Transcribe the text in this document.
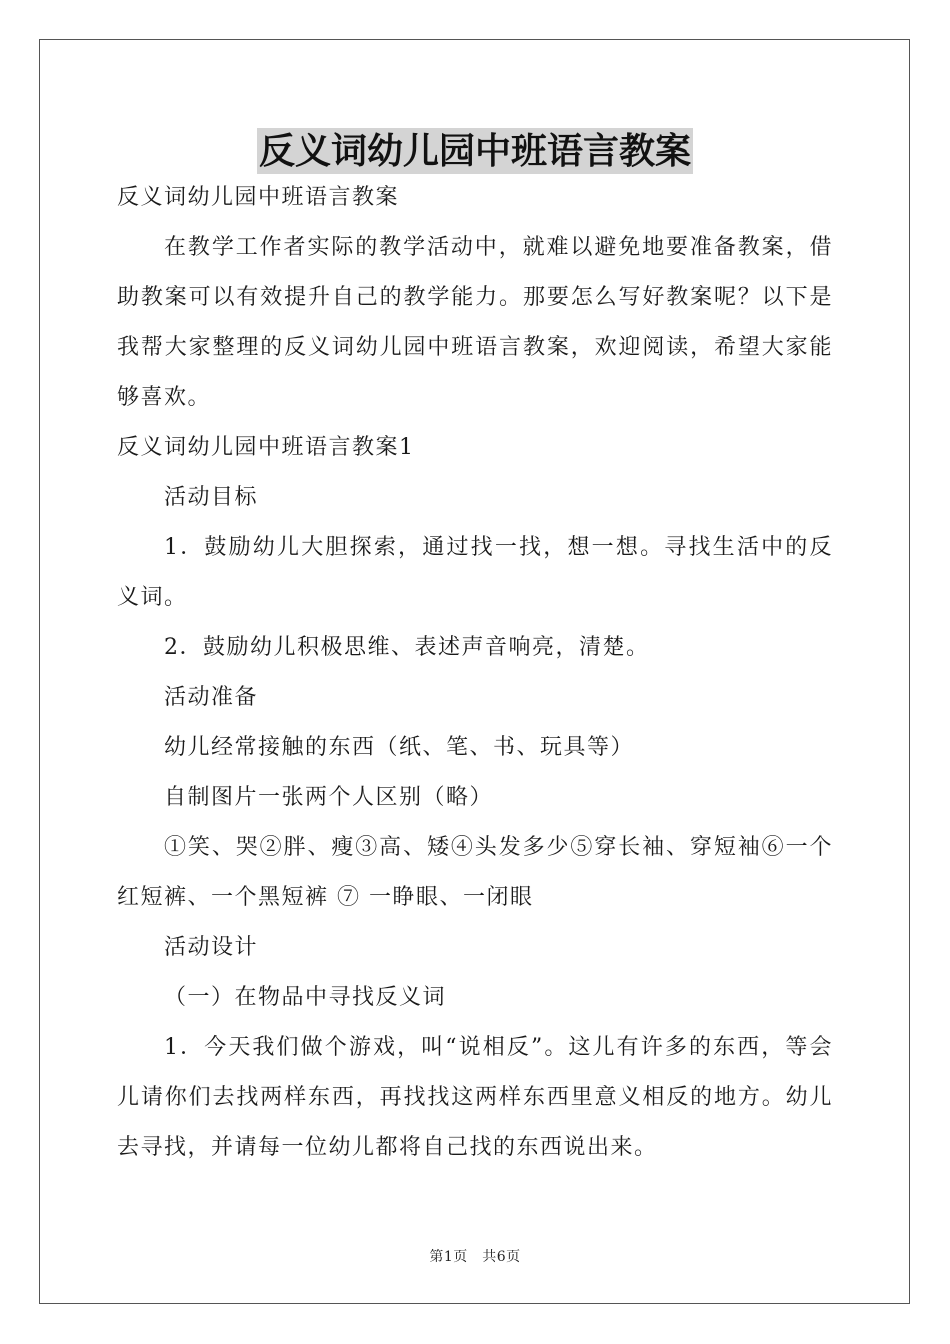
反义词幼儿园中班语言教案

反义词幼儿园中班语言教案

在教学工作者实际的教学活动中，就难以避免地要准备教案，借助教案可以有效提升自己的教学能力。那要怎么写好教案呢？以下是我帮大家整理的反义词幼儿园中班语言教案，欢迎阅读，希望大家能够喜欢。

反义词幼儿园中班语言教案1

活动目标

1．鼓励幼儿大胆探索，通过找一找，想一想。寻找生活中的反义词。

2．鼓励幼儿积极思维、表述声音响亮，清楚。

活动准备

幼儿经常接触的东西（纸、笔、书、玩具等）

自制图片一张两个人区别（略）

①笑、哭②胖、瘦③高、矮④头发多少⑤穿长袖、穿短袖⑥一个红短裤、一个黑短裤 ⑦ 一睁眼、一闭眼

活动设计

（一）在物品中寻找反义词

1．今天我们做个游戏，叫“说相反”。这儿有许多的东西，等会儿请你们去找两样东西，再找找这两样东西里意义相反的地方。幼儿去寻找，并请每一位幼儿都将自己找的东西说出来。

第1页　共6页
